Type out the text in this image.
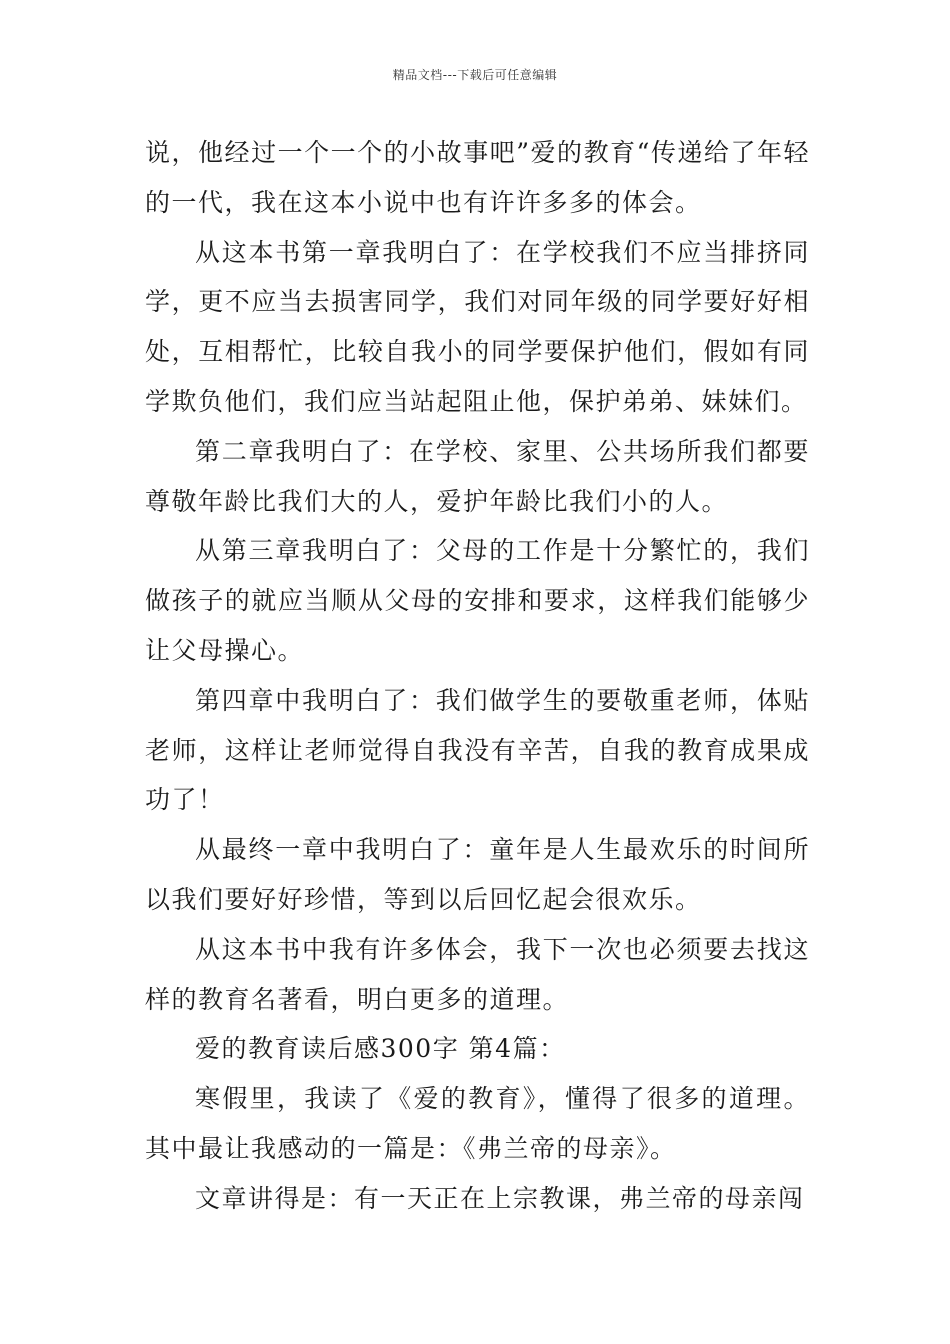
精品文档---下载后可任意编辑

说，他经过一个一个的小故事吧”爱的教育“传递给了年轻的一代，我在这本小说中也有许许多多的体会。

从这本书第一章我明白了：在学校我们不应当排挤同学，更不应当去损害同学，我们对同年级的同学要好好相处，互相帮忙，比较自我小的同学要保护他们，假如有同学欺负他们，我们应当站起阻止他，保护弟弟、妹妹们。

第二章我明白了：在学校、家里、公共场所我们都要尊敬年龄比我们大的人，爱护年龄比我们小的人。

从第三章我明白了：父母的工作是十分繁忙的，我们做孩子的就应当顺从父母的安排和要求，这样我们能够少让父母操心。

第四章中我明白了：我们做学生的要敬重老师，体贴老师，这样让老师觉得自我没有辛苦，自我的教育成果成功了！

从最终一章中我明白了：童年是人生最欢乐的时间所以我们要好好珍惜，等到以后回忆起会很欢乐。

从这本书中我有许多体会，我下一次也必须要去找这样的教育名著看，明白更多的道理。

爱的教育读后感300字 第4篇：

寒假里，我读了《爱的教育》，懂得了很多的道理。其中最让我感动的一篇是：《弗兰帝的母亲》。

文章讲得是：有一天正在上宗教课，弗兰帝的母亲闯
